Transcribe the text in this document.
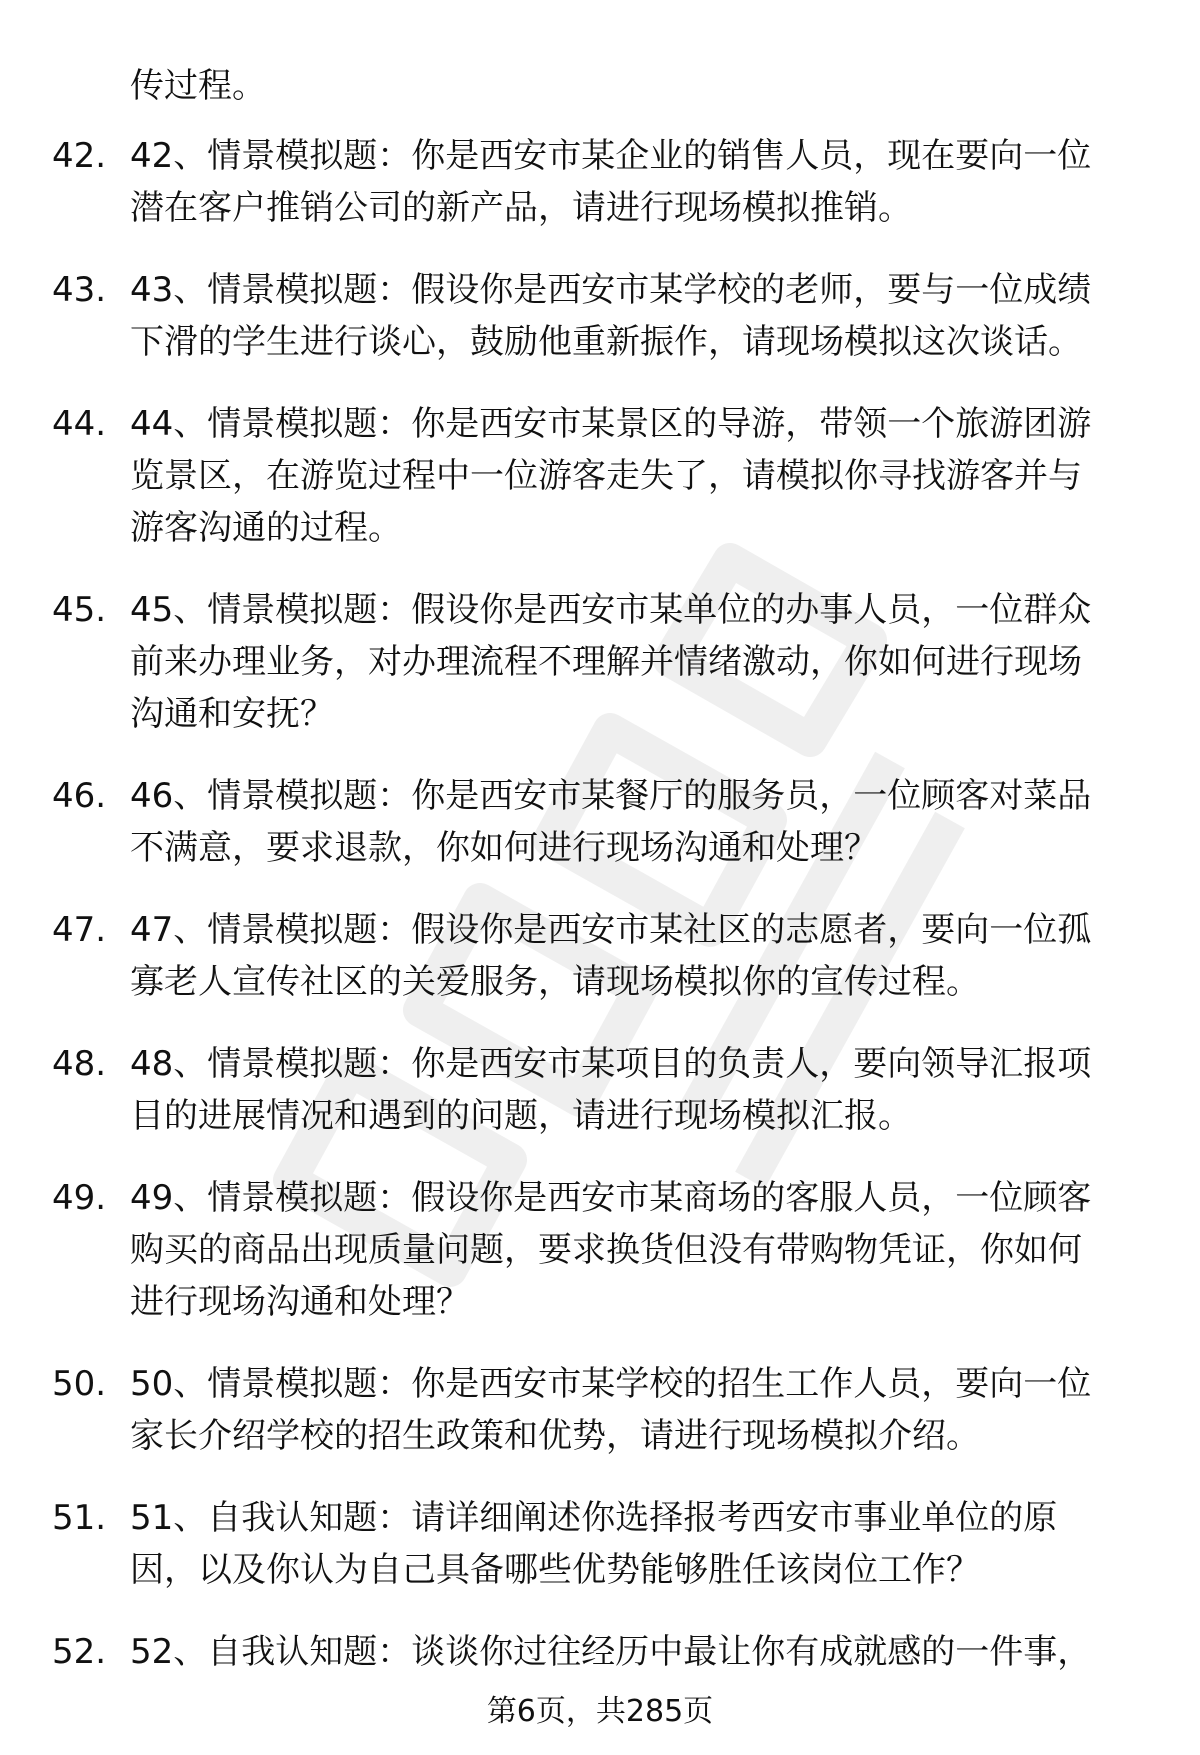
传过程。
42. 42、情景模拟题：你是西安市某企业的销售人员，现在要向一位
潜在客户推销公司的新产品，请进行现场模拟推销。
43. 43、情景模拟题：假设你是西安市某学校的老师，要与一位成绩
下滑的学生进行谈心，鼓励他重新振作，请现场模拟这次谈话。
44. 44、情景模拟题：你是西安市某景区的导游，带领一个旅游团游
览景区，在游览过程中一位游客走失了，请模拟你寻找游客并与
游客沟通的过程。
45. 45、情景模拟题：假设你是西安市某单位的办事人员，一位群众
前来办理业务，对办理流程不理解并情绪激动，你如何进行现场
沟通和安抚？
46. 46、情景模拟题：你是西安市某餐厅的服务员，一位顾客对菜品
不满意，要求退款，你如何进行现场沟通和处理？
47. 47、情景模拟题：假设你是西安市某社区的志愿者，要向一位孤
寡老人宣传社区的关爱服务，请现场模拟你的宣传过程。
48. 48、情景模拟题：你是西安市某项目的负责人，要向领导汇报项
目的进展情况和遇到的问题，请进行现场模拟汇报。
49. 49、情景模拟题：假设你是西安市某商场的客服人员，一位顾客
购买的商品出现质量问题，要求换货但没有带购物凭证，你如何
进行现场沟通和处理？
50. 50、情景模拟题：你是西安市某学校的招生工作人员，要向一位
家长介绍学校的招生政策和优势，请进行现场模拟介绍。
51. 51、自我认知题：请详细阐述你选择报考西安市事业单位的原
因，以及你认为自己具备哪些优势能够胜任该岗位工作？
52. 52、自我认知题：谈谈你过往经历中最让你有成就感的一件事，
第6页，共285页
